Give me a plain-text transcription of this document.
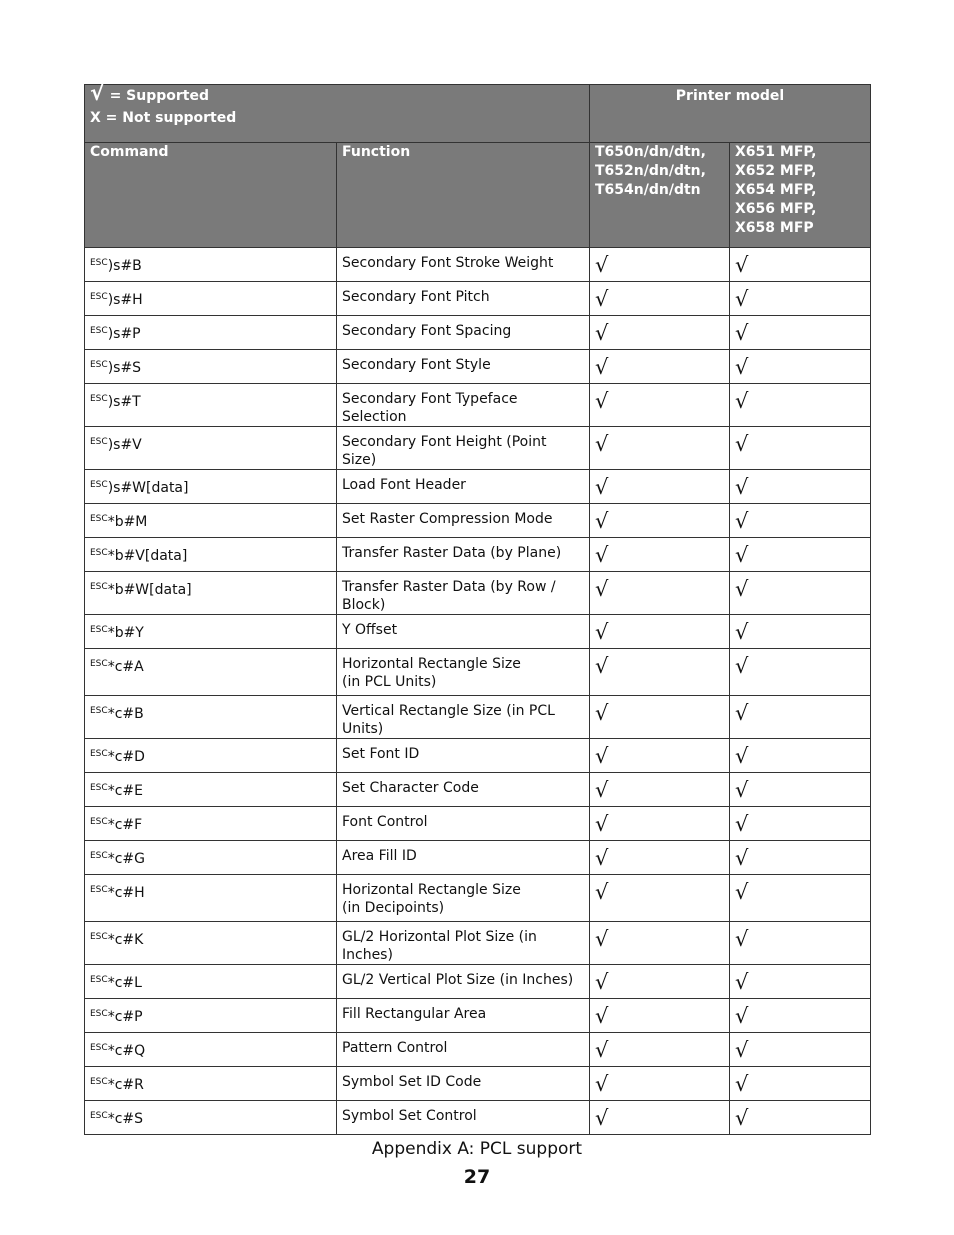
√ = Supported
X = Not supported		Printer model	
Command	Function	T650n/dn/dtn,
T652n/dn/dtn,
T654n/dn/dtn	X651 MFP,
X652 MFP,
X654 MFP,
X656 MFP,
X658 MFP
$^{ESC}$)s#B	Secondary Font Stroke Weight	√	√
$^{ESC}$)s#H	Secondary Font Pitch	√	√
$^{ESC}$)s#P	Secondary Font Spacing	√	√
$^{ESC}$)s#S	Secondary Font Style	√	√
$^{ESC}$)s#T	Secondary Font Typeface Selection	√	√
$^{ESC}$)s#V	Secondary Font Height (Point Size)	√	√
$^{ESC}$)s#W[data]	Load Font Header	√	√
$^{ESC}$*b#M	Set Raster Compression Mode	√	√
$^{ESC}$*b#V[data]	Transfer Raster Data (by Plane)	√	√
$^{ESC}$*b#W[data]	Transfer Raster Data (by Row / Block)	√	√
$^{ESC}$*b#Y	Y Offset	√	√
$^{ESC}$*c#A	Horizontal Rectangle Size
(in PCL Units)	√	√
$^{ESC}$*c#B	Vertical Rectangle Size (in PCL Units)	√	√
$^{ESC}$*c#D	Set Font ID	√	√
$^{ESC}$*c#E	Set Character Code	√	√
$^{ESC}$*c#F	Font Control	√	√
$^{ESC}$*c#G	Area Fill ID	√	√
$^{ESC}$*c#H	Horizontal Rectangle Size
(in Decipoints)	√	√
$^{ESC}$*c#K	GL/2 Horizontal Plot Size (in Inches)	√	√
$^{ESC}$*c#L	GL/2 Vertical Plot Size (in Inches)	√	√
$^{ESC}$*c#P	Fill Rectangular Area	√	√
$^{ESC}$*c#Q	Pattern Control	√	√
$^{ESC}$*c#R	Symbol Set ID Code	√	√
$^{ESC}$*c#S	Symbol Set Control	√	√
Appendix A: PCL support
27
